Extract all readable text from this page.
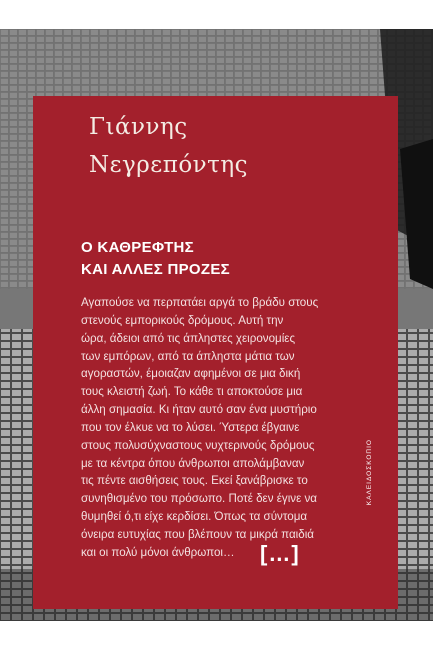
Γιάννης
Νεγρεπόντης
Ο ΚΑΘΡΕΦΤΗΣ
ΚΑΙ ΑΛΛΕΣ ΠΡΟΖΕΣ
Αγαπούσε να περπατάει αργά το βράδυ στους
στενούς εμπορικούς δρόμους. Αυτή την
ώρα, άδειοι από τις άπληστες χειρονομίες
των εμπόρων, από τα άπληστα μάτια των
αγοραστών, έμοιαζαν αφημένοι σε μια δική
τους κλειστή ζωή. Το κάθε τι αποκτούσε μια
άλλη σημασία. Κι ήταν αυτό σαν ένα μυστήριο
που τον έλκυε να το λύσει. Ύστερα έβγαινε
στους πολυσύχναστους νυχτερινούς δρόμους
με τα κέντρα όπου άνθρωποι απολάμβαναν
τις πέντε αισθήσεις τους. Εκεί ξανάβρισκε το
συνηθισμένο του πρόσωπο. Ποτέ δεν έγινε να
θυμηθεί ό,τι είχε κερδίσει. Όπως τα σύντομα
όνειρα ευτυχίας που βλέπουν τα μικρά παιδιά
και οι πολύ μόνοι άνθρωποι…	[…]
ΚΑΛΕΙΔΟΣΚΟΠΙΟ
